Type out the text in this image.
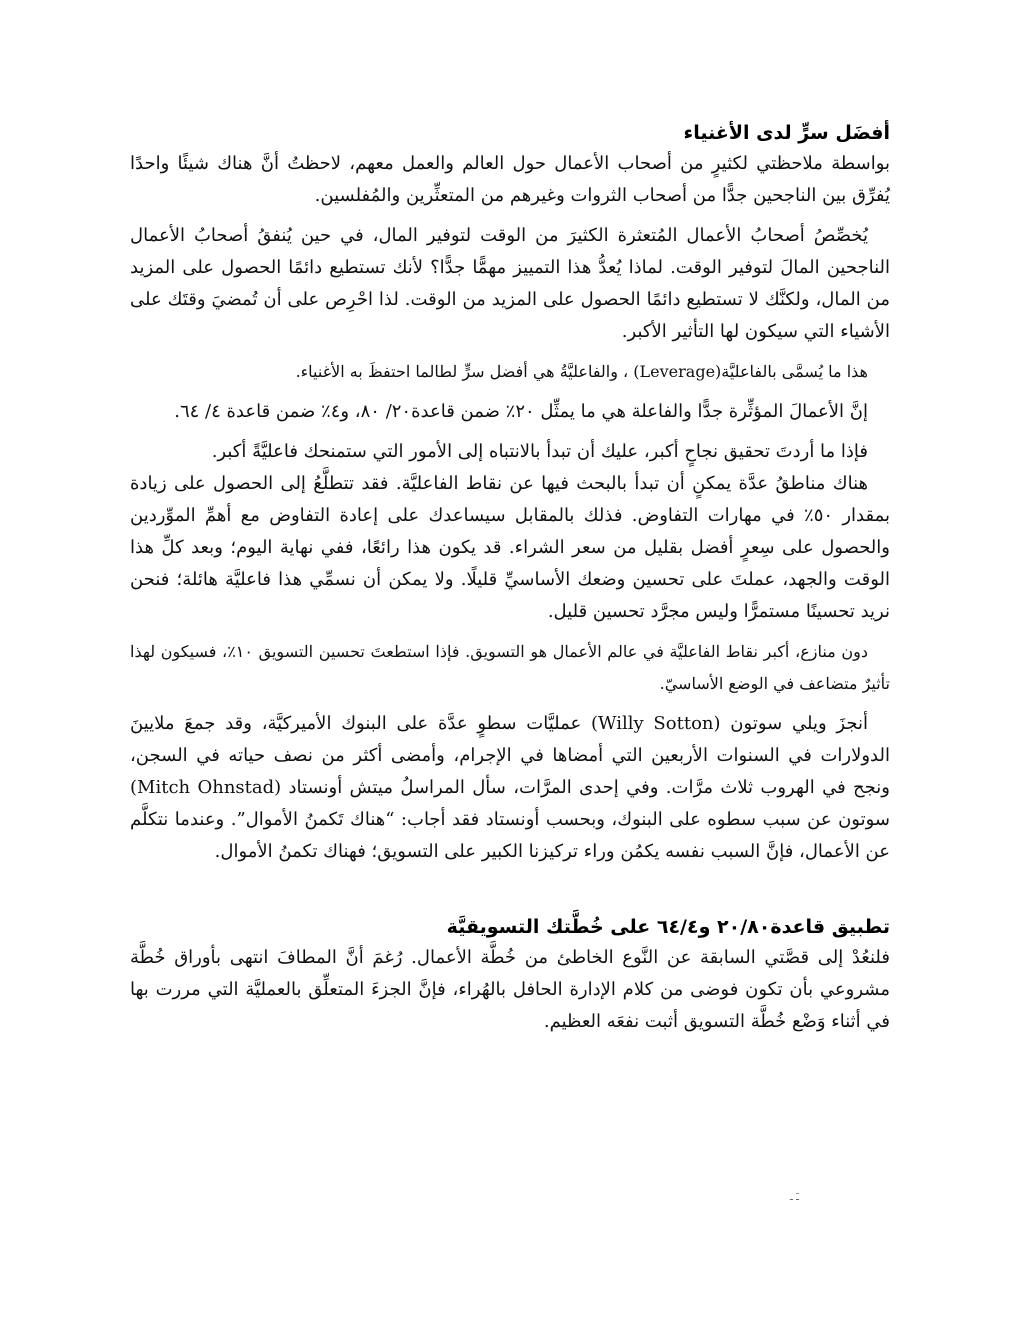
أفضَل سرٍّ لدى الأغنياء

بواسطة ملاحظتي لكثيرٍ من أصحاب الأعمال حول العالم والعمل معهم، لاحظتُ أنَّ هناك شيئًا واحدًا يُفرِّق بين الناجحين جدًّا من أصحاب الثروات وغيرهم من المتعثِّرين والمُفلسين.

يُخصِّصُ أصحابُ الأعمال المُتعثرة الكثيرَ من الوقت لتوفير المال، في حين يُنفقُ أصحابُ الأعمال الناجحين المالَ لتوفير الوقت. لماذا يُعدُّ هذا التمييز مهمًّا جدًّا؟ لأنك تستطيع دائمًا الحصول على المزيد من المال، ولكنَّك لا تستطيع دائمًا الحصول على المزيد من الوقت. لذا احْرِص على أن تُمضيَ وقتَك على الأشياء التي سيكون لها التأثير الأكبر.

هذا ما يُسمَّى بالفاعليَّة(Leverage) ، والفاعليَّةُ هي أفضل سرٍّ لطالما احتفظَ به الأغنياء.

إنَّ الأعمالَ المؤثِّرة جدًّا والفاعلة هي ما يمثِّل ٢٠٪ ضمن قاعدة٢٠/ ٨٠، و٤٪ ضمن قاعدة ٤/ ٦٤.

فإذا ما أردتَ تحقيق نجاحٍ أكبر، عليك أن تبدأ بالانتباه إلى الأمور التي ستمنحك فاعليَّةً أكبر.

هناك مناطقُ عدَّة يمكنٍ أن تبدأ بالبحث فيها عن نقاط الفاعليَّة. فقد تتطلَّعُ إلى الحصول على زيادة بمقدار ٥٠٪ في مهارات التفاوض. فذلك بالمقابل سيساعدك على إعادة التفاوض مع أهمِّ الموِّردين والحصول على سِعرٍ أفضل بقليل من سعر الشراء. قد يكون هذا رائعًا، ففي نهاية اليوم؛ وبعد كلِّ هذا الوقت والجهد، عملتَ على تحسين وضعك الأساسيِّ قليلًا. ولا يمكن أن نسمِّي هذا فاعليَّة هائلة؛ فنحن نريد تحسينًا مستمرًّا وليس مجرَّد تحسين قليل.

دون منازع، أكبر نقاط الفاعليَّة في عالم الأعمال هو التسويق. فإذا استطعتَ تحسين التسويق ١٠٪، فسيكون لهذا تأثيرٌ متضاعف في الوضع الأساسيّ.

أنجزَ ويلي سوتون (Willy Sotton) عمليَّات سطوٍ عدَّة على البنوك الأميركيَّة، وقد جمعَ ملايينَ الدولارات في السنوات الأربعين التي أمضاها في الإجرام، وأمضى أكثر من نصف حياته في السجن، ونجح في الهروب ثلاث مرَّات. وفي إحدى المرَّات، سأل المراسلُ ميتش أونستاد (Mitch Ohnstad) سوتون عن سبب سطوه على البنوك، وبحسب أونستاد فقد أجاب: “هناك تَكمنُ الأموال”. وعندما نتكلَّم عن الأعمال، فإنَّ السبب نفسه يكمُن وراء تركيزنا الكبير على التسويق؛ فهناك تكمنُ الأموال.

تطبيق قاعدة٢٠/٨٠ و٦٤/٤ على خُطَّتك التسويقيَّة

فلنعُدْ إلى قصَّتي السابقة عن النَّوع الخاطئ من خُطَّة الأعمال. رُغمَ أنَّ المطافَ انتهى بأوراق خُطَّة مشروعي بأن تكون فوضى من كلام الإدارة الحافل بالهُراء، فإنَّ الجزءَ المتعلِّق بالعمليَّة التي مررت بها في أثناء وَضْع خُطَّة التسويق أثبت نفعَه العظيم.

ـَ ـ
